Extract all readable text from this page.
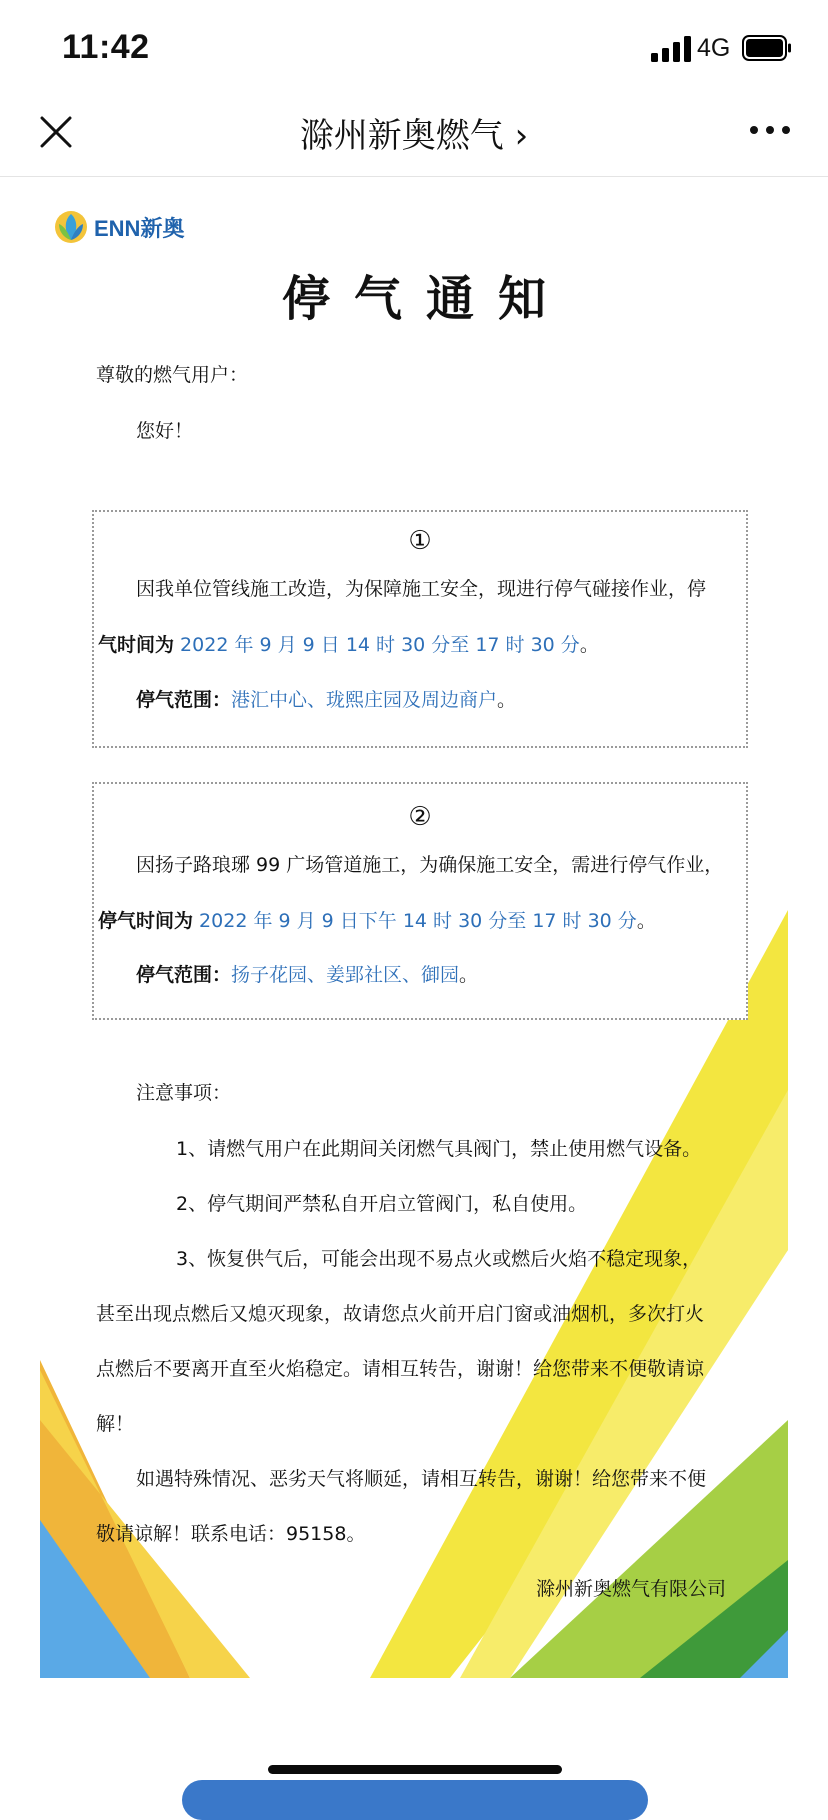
11:42	4G
滁州新奥燃气 ›
ENN新奥
停气通知
尊敬的燃气用户：
您好！
①
因我单位管线施工改造，为保障施工安全，现进行停气碰接作业，停
气时间为 2022 年 9 月 9 日 14 时 30 分至 17 时 30 分。
停气范围：港汇中心、珑熙庄园及周边商户。
②
因扬子路琅琊 99 广场管道施工，为确保施工安全，需进行停气作业，
停气时间为 2022 年 9 月 9 日下午 14 时 30 分至 17 时 30 分。
停气范围：扬子花园、姜郢社区、御园。
注意事项：
1、请燃气用户在此期间关闭燃气具阀门，禁止使用燃气设备。
2、停气期间严禁私自开启立管阀门，私自使用。
3、恢复供气后，可能会出现不易点火或燃后火焰不稳定现象，
甚至出现点燃后又熄灭现象，故请您点火前开启门窗或油烟机，多次打火
点燃后不要离开直至火焰稳定。请相互转告，谢谢！给您带来不便敬请谅
解！
如遇特殊情况、恶劣天气将顺延，请相互转告，谢谢！给您带来不便
敬请谅解！联系电话：95158。
滁州新奥燃气有限公司
